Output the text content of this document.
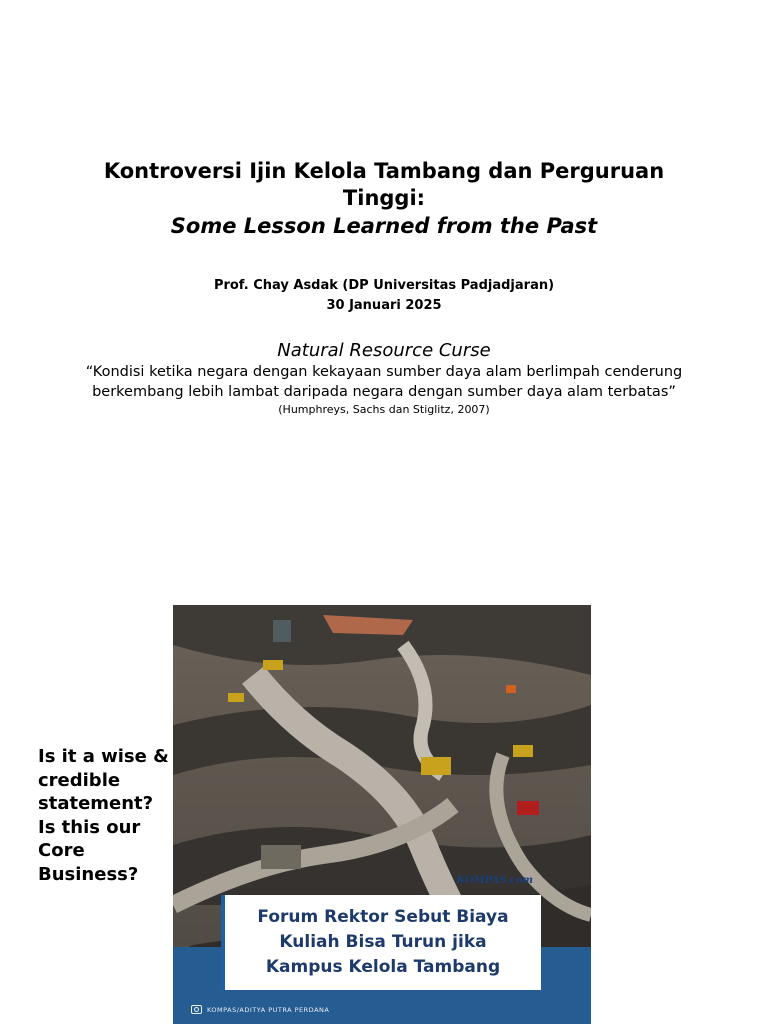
Kontroversi Ijin Kelola Tambang dan Perguruan

Tinggi:

Some Lesson Learned from the Past

Prof. Chay Asdak (DP Universitas Padjadjaran)
30 Januari 2025
Natural Resource Curse
“Kondisi ketika negara dengan kekayaan sumber daya alam berlimpah cenderung
berkembang lebih lambat daripada negara dengan sumber daya alam terbatas”
(Humphreys, Sachs dan Stiglitz, 2007)
Is it a wise &
credible
statement?
Is this our
Core
Business?	KOMPAS.com
Forum Rektor Sebut Biaya
Kuliah Bisa Turun jika
Kampus Kelola Tambang
KOMPAS/ADITYA PUTRA PERDANA
